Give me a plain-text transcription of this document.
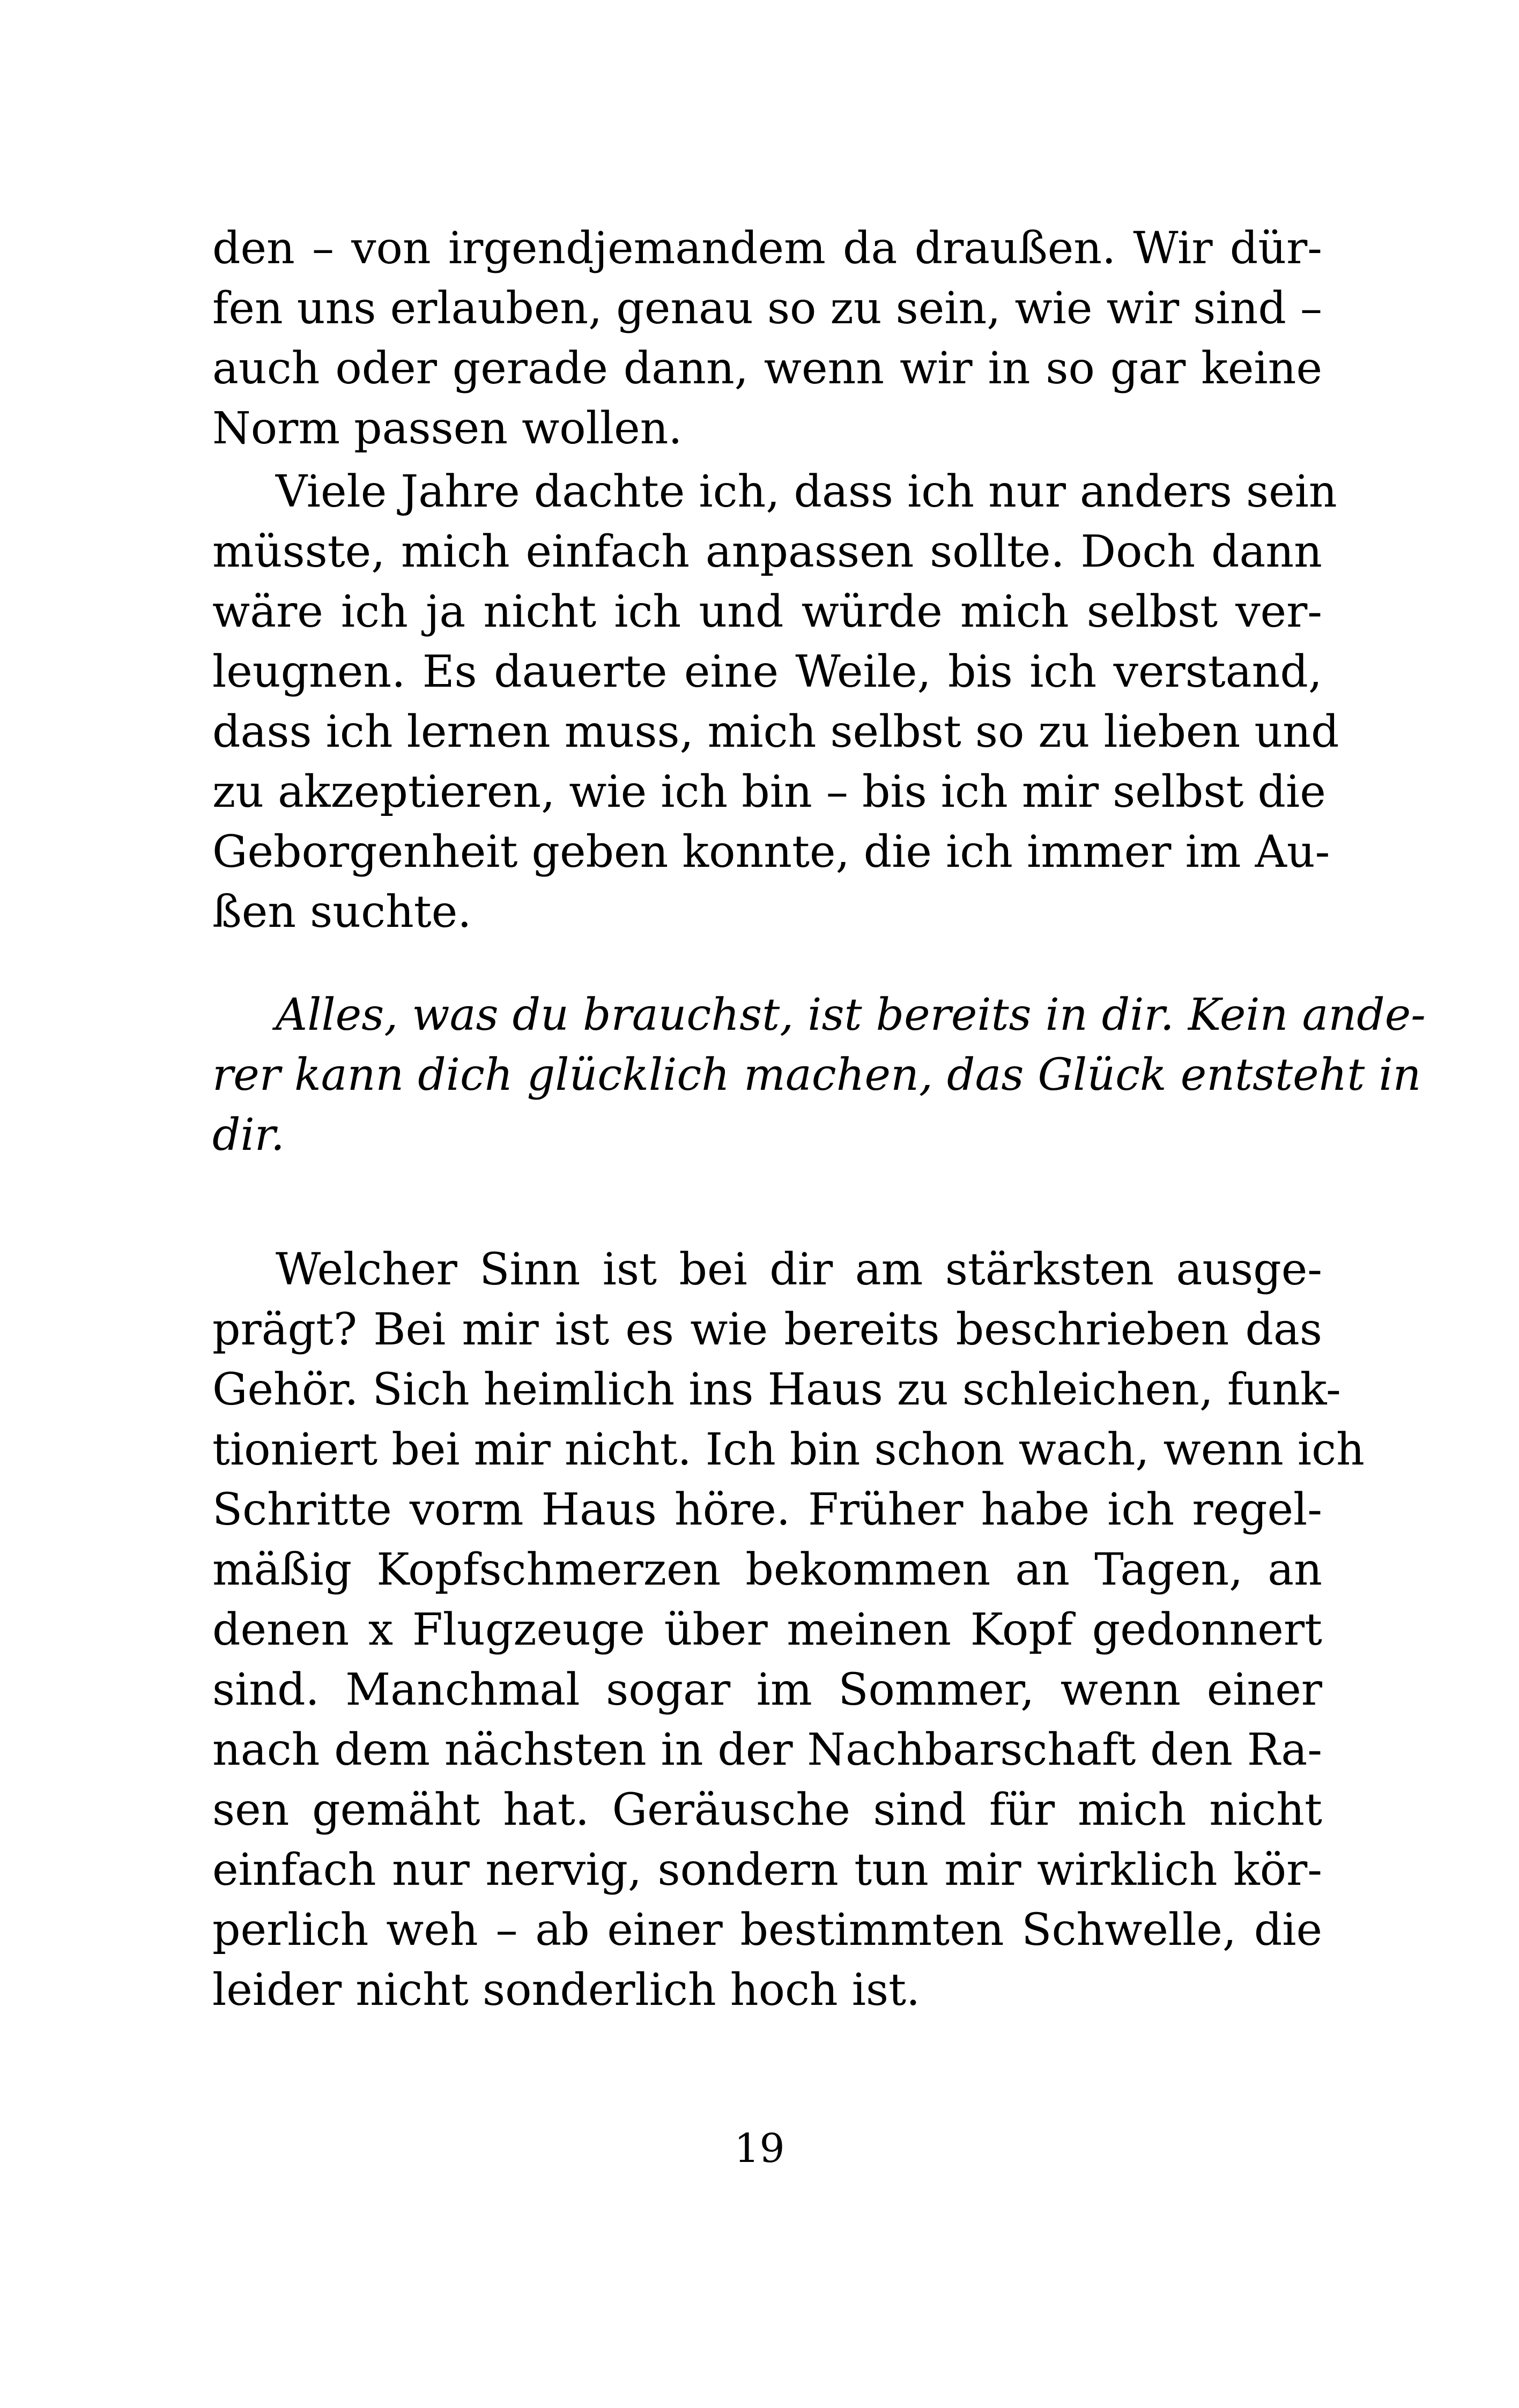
den – von irgendjemandem da draußen. Wir dür-
fen uns erlauben, genau so zu sein, wie wir sind –
auch oder gerade dann, wenn wir in so gar keine
Norm passen wollen.
Viele Jahre dachte ich, dass ich nur anders sein
müsste, mich einfach anpassen sollte. Doch dann
wäre ich ja nicht ich und würde mich selbst ver-
leugnen. Es dauerte eine Weile, bis ich verstand,
dass ich lernen muss, mich selbst so zu lieben und
zu akzeptieren, wie ich bin – bis ich mir selbst die
Geborgenheit geben konnte, die ich immer im Au-
ßen suchte.
Alles, was du brauchst, ist bereits in dir. Kein ande-
rer kann dich glücklich machen, das Glück entsteht in
dir.
Welcher Sinn ist bei dir am stärksten ausge-
prägt? Bei mir ist es wie bereits beschrieben das
Gehör. Sich heimlich ins Haus zu schleichen, funk-
tioniert bei mir nicht. Ich bin schon wach, wenn ich
Schritte vorm Haus höre. Früher habe ich regel-
mäßig Kopfschmerzen bekommen an Tagen, an
denen x Flugzeuge über meinen Kopf gedonnert
sind. Manchmal sogar im Sommer, wenn einer
nach dem nächsten in der Nachbarschaft den Ra-
sen gemäht hat. Geräusche sind für mich nicht
einfach nur nervig, sondern tun mir wirklich kör-
perlich weh – ab einer bestimmten Schwelle, die
leider nicht sonderlich hoch ist.
19
